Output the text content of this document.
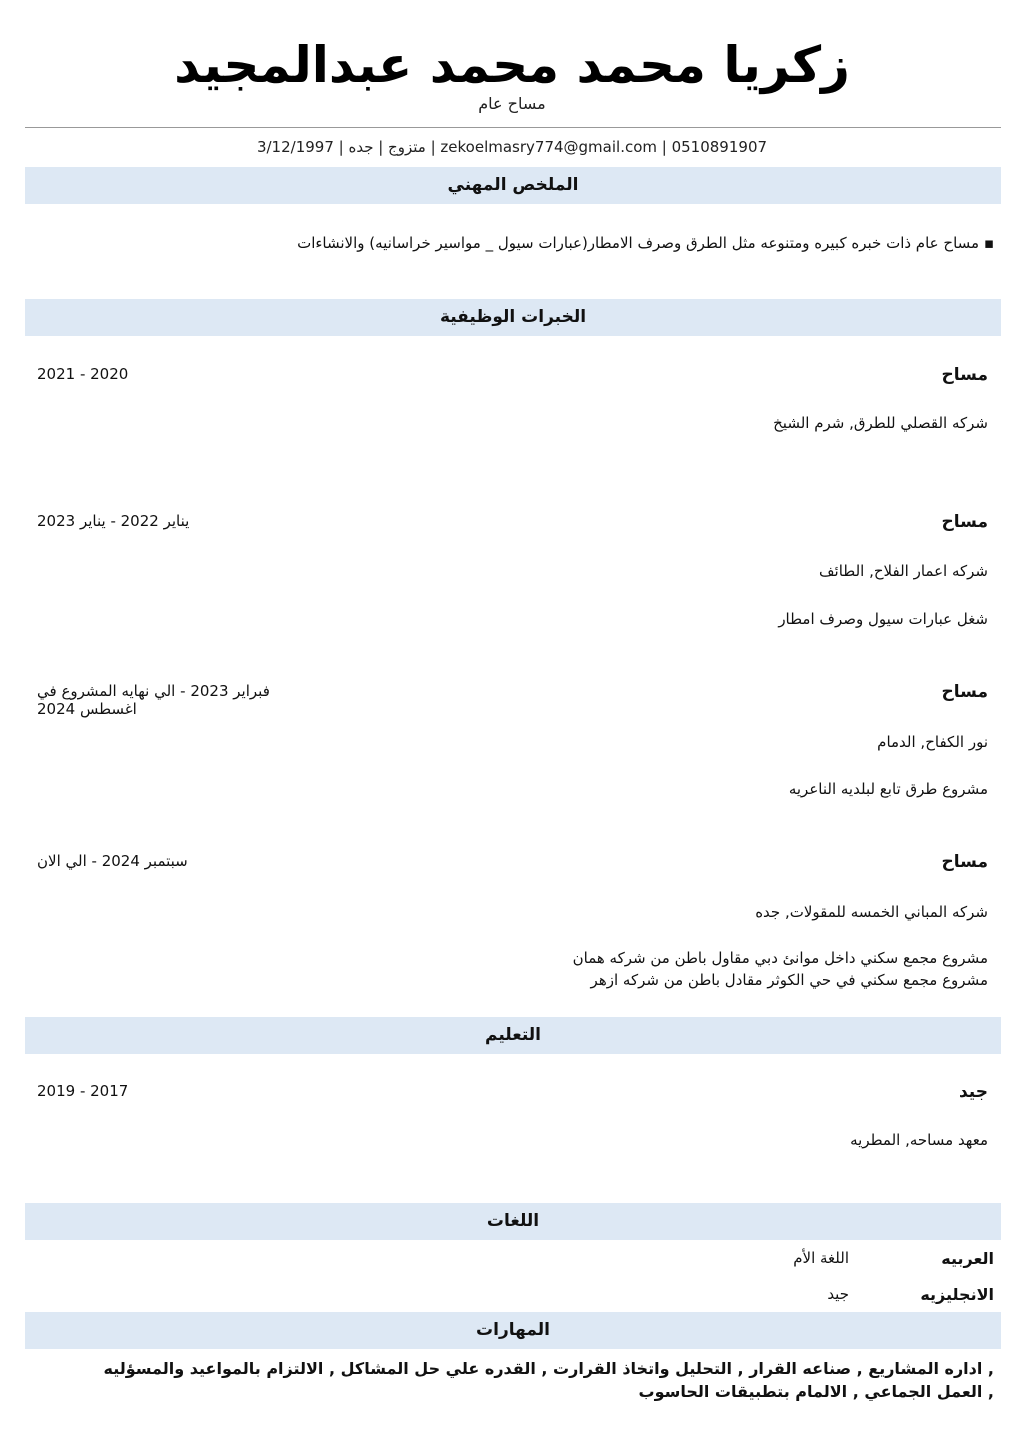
زكريا محمد محمد عبدالمجيد
مساح عام
متزوج | جده | 3/12/1997 | zekoelmasry774@gmail.com | 0510891907
الملخص المهني
▪ مساح عام ذات خبره كبيره ومتنوعه مثل الطرق وصرف الامطار(عبارات سيول _ مواسير خراسانيه) والانشاءات
الخبرات الوظيفية
مساح
2020 - 2021
شركه القصلي للطرق, شرم الشيخ
مساح
يناير 2022 - يناير 2023
شركه اعمار الفلاح, الطائف
شغل عبارات سيول وصرف امطار
مساح
فبراير 2023 - الي نهايه المشروع في اغسطس 2024
نور الكفاح, الدمام
مشروع طرق تابع لبلديه الناعريه
مساح
سبتمبر 2024 - الي الان
شركه المباني الخمسه للمقولات, جده
مشروع مجمع سكني داخل موانئ دبي مقاول باطن من شركه همان
مشروع مجمع سكني في حي الكوثر مقادل باطن من شركه ازهر
التعليم
جيد
2017 - 2019
معهد مساحه, المطريه
اللغات
العربيه
اللغة الأم
الانجليزيه
جيد
المهارات
, اداره المشاريع , صناعه القرار , التحليل واتخاذ القرارت , القدره علي حل المشاكل , الالتزام بالمواعيد والمسؤليه , العمل الجماعي , الالمام بتطبيقات الحاسوب
